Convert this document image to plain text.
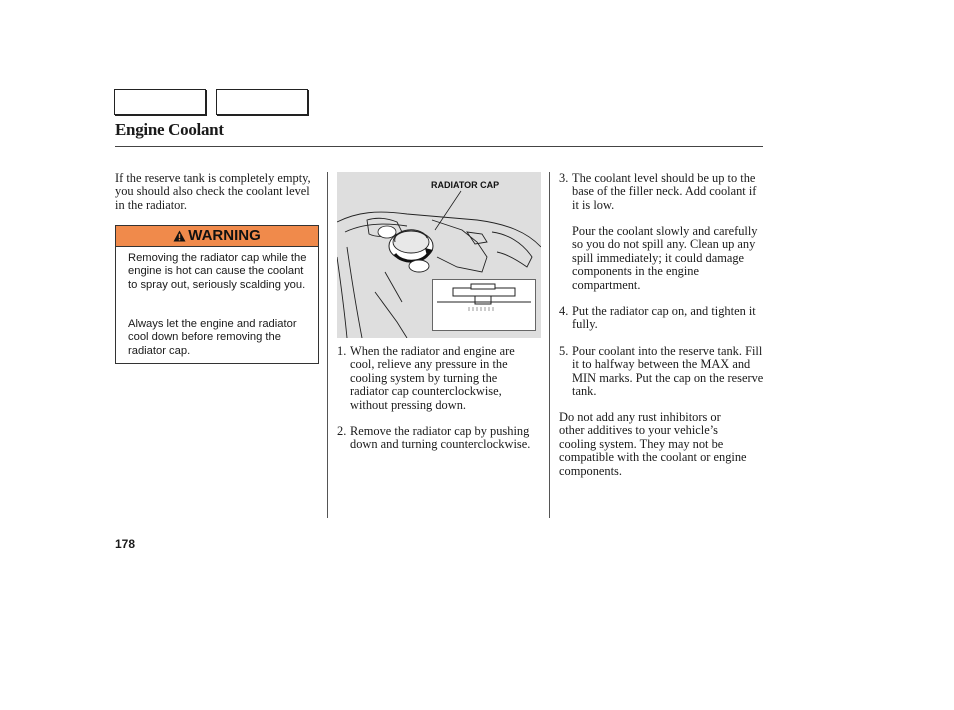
Engine Coolant

If the reserve tank is completely empty, you should also check the coolant level in the radiator.

WARNING

Removing the radiator cap while the engine is hot can cause the coolant to spray out, seriously scalding you.

Always let the engine and radiator cool down before removing the radiator cap.

RADIATOR CAP

1. When the radiator and engine are cool, relieve any pressure in the cooling system by turning the radiator cap counterclockwise, without pressing down.

2. Remove the radiator cap by pushing down and turning counterclockwise.

3. The coolant level should be up to the base of the filler neck. Add coolant if it is low.

Pour the coolant slowly and carefully so you do not spill any. Clean up any spill immediately; it could damage components in the engine compartment.

4. Put the radiator cap on, and tighten it fully.

5. Pour coolant into the reserve tank. Fill it to halfway between the MAX and MIN marks. Put the cap on the reserve tank.

Do not add any rust inhibitors or other additives to your vehicle’s cooling system. They may not be compatible with the coolant or engine components.

178
